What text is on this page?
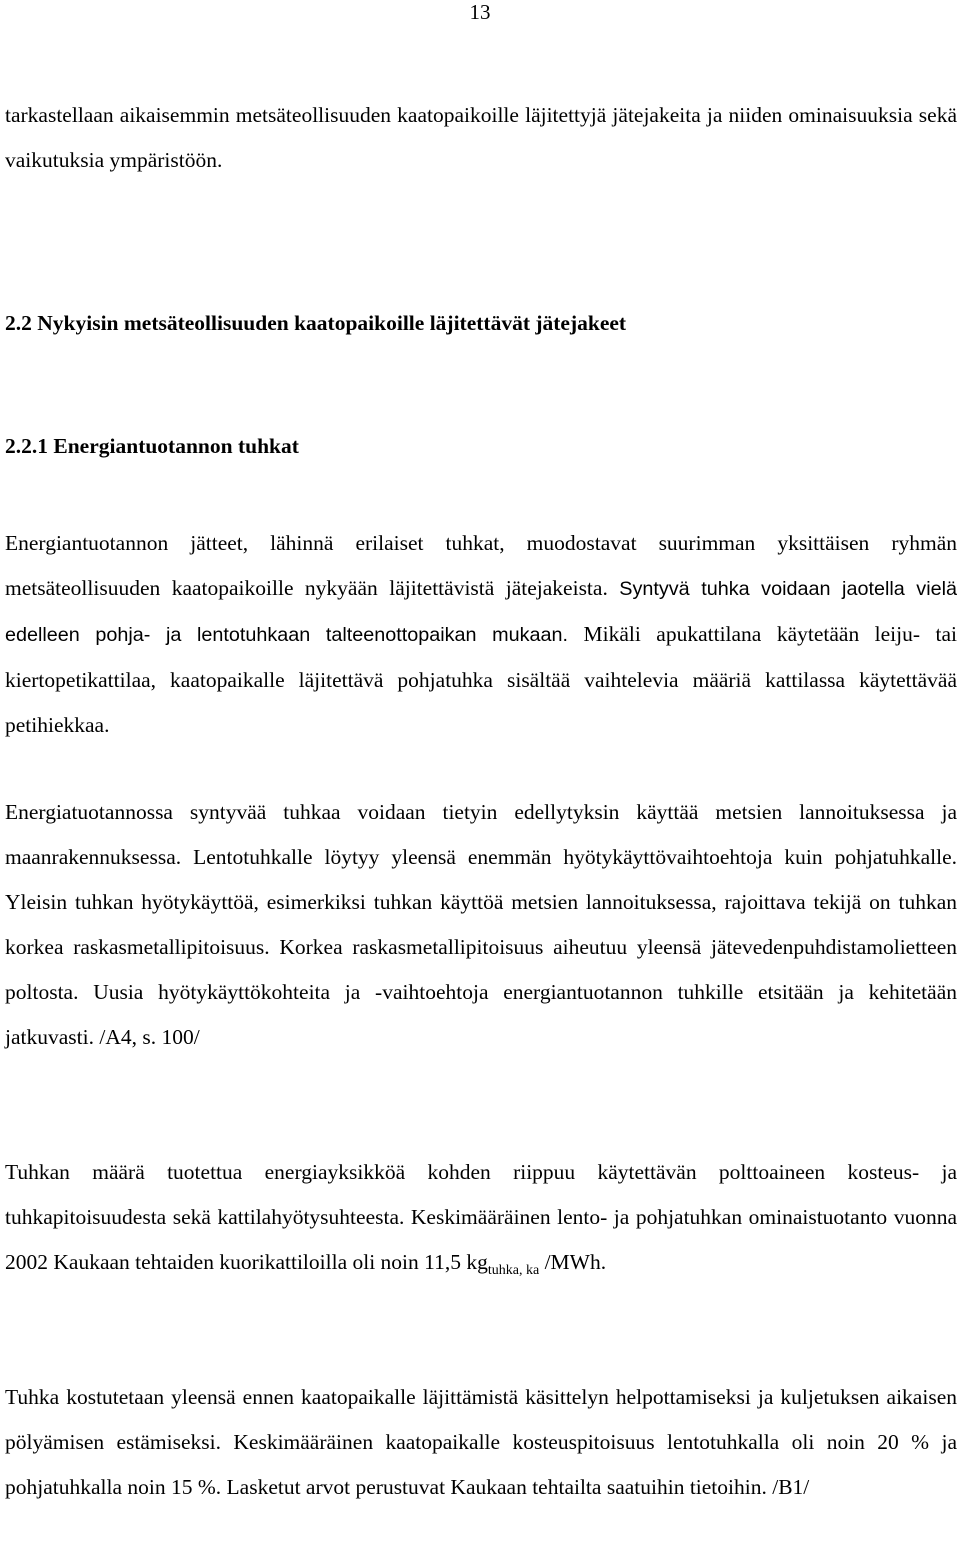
13

tarkastellaan aikaisemmin metsäteollisuuden kaatopaikoille läjitettyjä jätejakeita ja niiden ominaisuuksia sekä vaikutuksia ympäristöön.

2.2 Nykyisin metsäteollisuuden kaatopaikoille läjitettävät jätejakeet
2.2.1 Energiantuotannon tuhkat

Energiantuotannon jätteet, lähinnä erilaiset tuhkat, muodostavat suurimman yksittäisen ryhmän metsäteollisuuden kaatopaikoille nykyään läjitettävistä jätejakeista. Syntyvä tuhka voidaan jaotella vielä edelleen pohja- ja lentotuhkaan talteenottopaikan mukaan. Mikäli apukattilana käytetään leiju- tai kiertopetikattilaa, kaatopaikalle läjitettävä pohjatuhka sisältää vaihtelevia määriä kattilassa käytettävää petihiekkaa.

Energiatuotannossa syntyvää tuhkaa voidaan tietyin edellytyksin käyttää metsien lannoituksessa ja maanrakennuksessa. Lentotuhkalle löytyy yleensä enemmän hyötykäyttövaihtoehtoja kuin pohjatuhkalle. Yleisin tuhkan hyötykäyttöä, esimerkiksi tuhkan käyttöä metsien lannoituksessa, rajoittava tekijä on tuhkan korkea raskasmetallipitoisuus. Korkea raskasmetallipitoisuus aiheutuu yleensä jätevedenpuhdistamolietteen poltosta. Uusia hyötykäyttökohteita ja -vaihtoehtoja energiantuotannon tuhkille etsitään ja kehitetään jatkuvasti. /A4, s. 100/

Tuhkan määrä tuotettua energiayksikköä kohden riippuu käytettävän polttoaineen kosteus- ja tuhkapitoisuudesta sekä kattilahyötysuhteesta. Keskimääräinen lento- ja pohjatuhkan ominaistuotanto vuonna 2002 Kaukaan tehtaiden kuorikattiloilla oli noin 11,5 $kg_{tuhka, ka}$ /MWh.

Tuhka kostutetaan yleensä ennen kaatopaikalle läjittämistä käsittelyn helpottamiseksi ja kuljetuksen aikaisen pölyämisen estämiseksi. Keskimääräinen kaatopaikalle kosteuspitoisuus lentotuhkalla oli noin 20 % ja pohjatuhkalla noin 15 %. Lasketut arvot perustuvat Kaukaan tehtailta saatuihin tietoihin. /B1/
